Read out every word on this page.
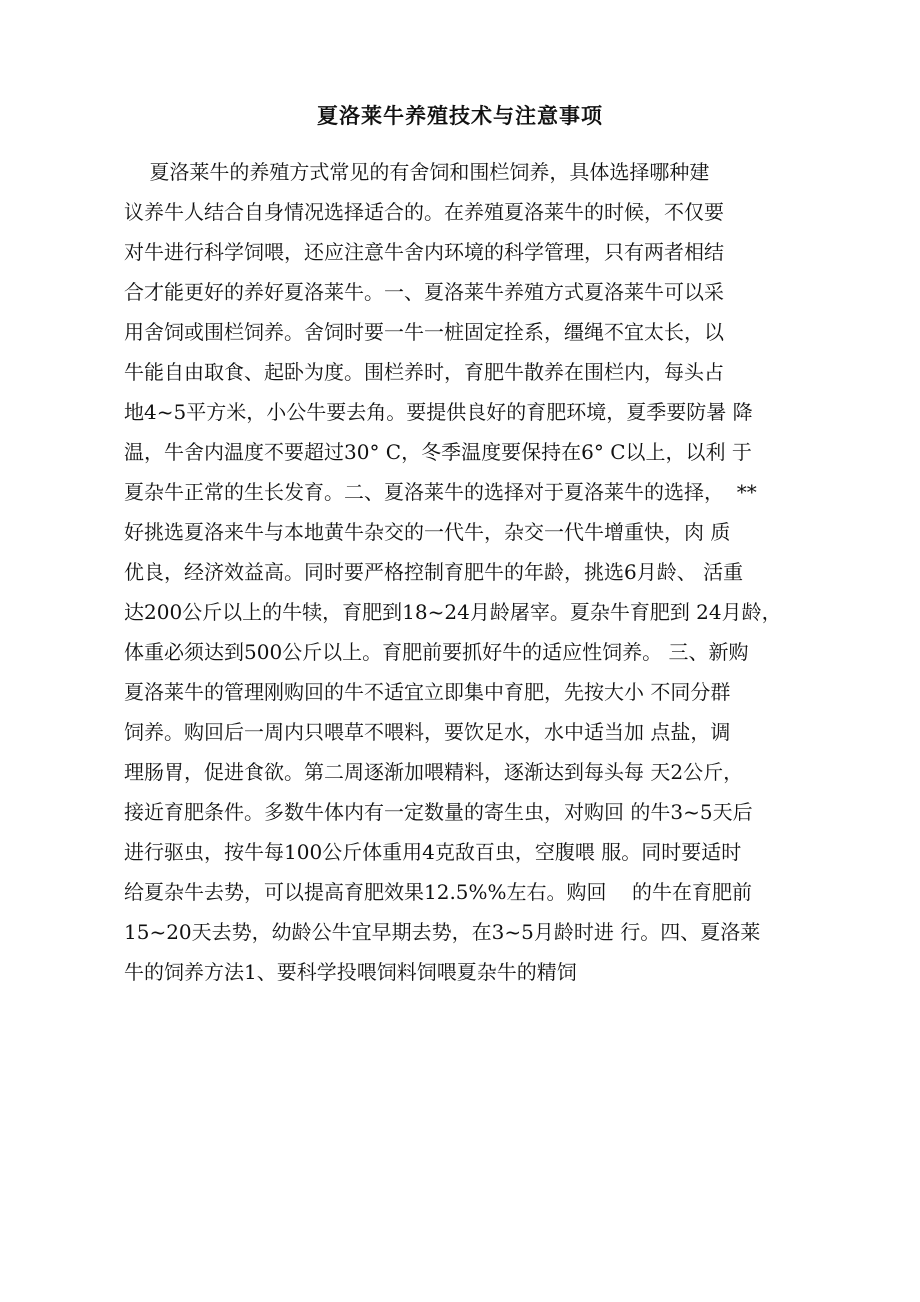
夏洛莱牛养殖技术与注意事项
夏洛莱牛的养殖方式常见的有舍饲和围栏饲养，具体选择哪种建
议养牛人结合自身情况选择适合的。在养殖夏洛莱牛的时候，不仅要
对牛进行科学饲喂，还应注意牛舍内环境的科学管理，只有两者相结
合才能更好的养好夏洛莱牛。一、夏洛莱牛养殖方式夏洛莱牛可以采
用舍饲或围栏饲养。舍饲时要一牛一桩固定拴系，缰绳不宜太长，以
牛能自由取食、起卧为度。围栏养时，育肥牛散养在围栏内，每头占
地4~5平方米，小公牛要去角。要提供良好的育肥环境，夏季要防暑 降
温，牛舍内温度不要超过30° C，冬季温度要保持在6° C以上，以利 于
夏杂牛正常的生长发育。二、夏洛莱牛的选择对于夏洛莱牛的选择，  **
好挑选夏洛来牛与本地黄牛杂交的一代牛，杂交一代牛增重快，肉 质
优良，经济效益高。同时要严格控制育肥牛的年龄，挑选6月龄、 活重
达200公斤以上的牛犊，育肥到18~24月龄屠宰。夏杂牛育肥到 24月龄，
体重必须达到500公斤以上。育肥前要抓好牛的适应性饲养。 三、新购
夏洛莱牛的管理刚购回的牛不适宜立即集中育肥，先按大小 不同分群
饲养。购回后一周内只喂草不喂料，要饮足水，水中适当加 点盐，调
理肠胃，促进食欲。第二周逐渐加喂精料，逐渐达到每头每 天2公斤，
接近育肥条件。多数牛体内有一定数量的寄生虫，对购回 的牛3~5天后
进行驱虫，按牛每100公斤体重用4克敌百虫，空腹喂 服。同时要适时
给夏杂牛去势，可以提高育肥效果12.5%%左右。购回    的牛在育肥前
15~20天去势，幼龄公牛宜早期去势，在3~5月龄时进 行。四、夏洛莱
牛的饲养方法1、要科学投喂饲料饲喂夏杂牛的精饲
